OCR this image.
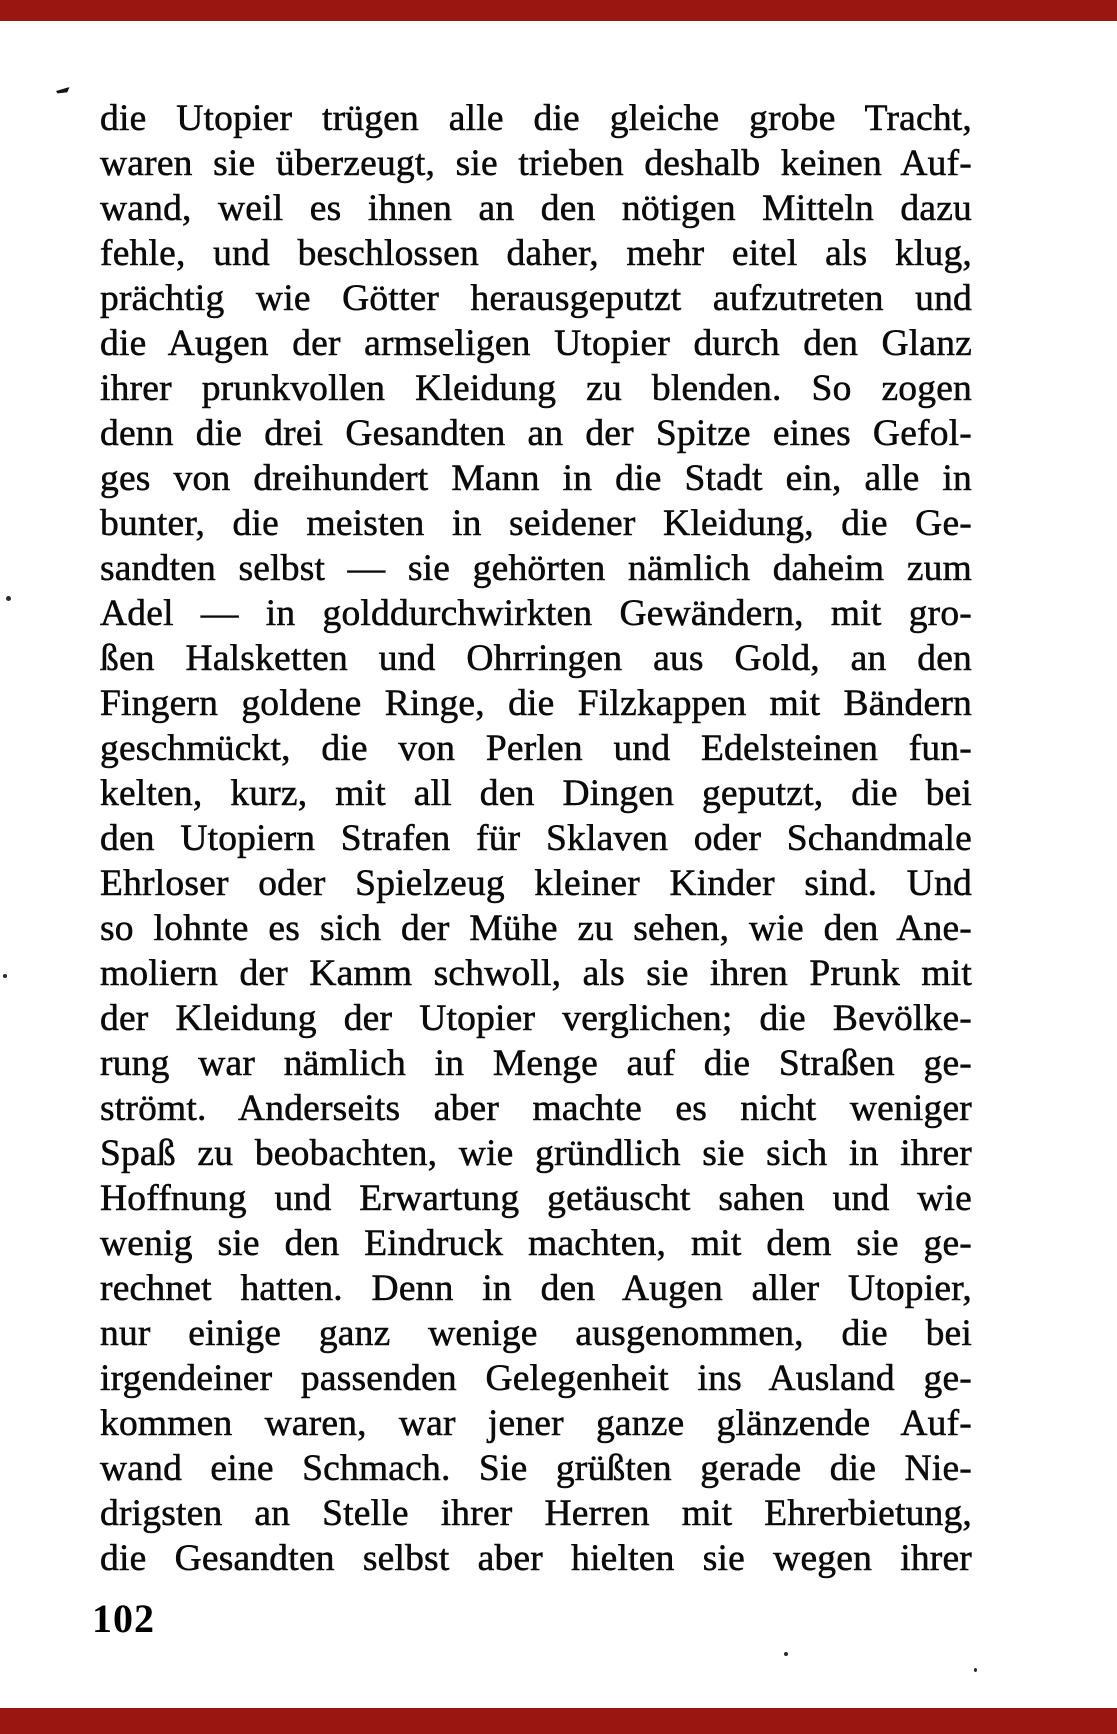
die Utopier trügen alle die gleiche grobe Tracht,
waren sie überzeugt, sie trieben deshalb keinen Auf-
wand, weil es ihnen an den nötigen Mitteln dazu
fehle, und beschlossen daher, mehr eitel als klug,
prächtig wie Götter herausgeputzt aufzutreten und
die Augen der armseligen Utopier durch den Glanz
ihrer prunkvollen Kleidung zu blenden. So zogen
denn die drei Gesandten an der Spitze eines Gefol-
ges von dreihundert Mann in die Stadt ein, alle in
bunter, die meisten in seidener Kleidung, die Ge-
sandten selbst — sie gehörten nämlich daheim zum
Adel — in golddurchwirkten Gewändern, mit gro-
ßen Halsketten und Ohrringen aus Gold, an den
Fingern goldene Ringe, die Filzkappen mit Bändern
geschmückt, die von Perlen und Edelsteinen fun-
kelten, kurz, mit all den Dingen geputzt, die bei
den Utopiern Strafen für Sklaven oder Schandmale
Ehrloser oder Spielzeug kleiner Kinder sind. Und
so lohnte es sich der Mühe zu sehen, wie den Ane-
moliern der Kamm schwoll, als sie ihren Prunk mit
der Kleidung der Utopier verglichen; die Bevölke-
rung war nämlich in Menge auf die Straßen ge-
strömt. Anderseits aber machte es nicht weniger
Spaß zu beobachten, wie gründlich sie sich in ihrer
Hoffnung und Erwartung getäuscht sahen und wie
wenig sie den Eindruck machten, mit dem sie ge-
rechnet hatten. Denn in den Augen aller Utopier,
nur einige ganz wenige ausgenommen, die bei
irgendeiner passenden Gelegenheit ins Ausland ge-
kommen waren, war jener ganze glänzende Auf-
wand eine Schmach. Sie grüßten gerade die Nie-
drigsten an Stelle ihrer Herren mit Ehrerbietung,
die Gesandten selbst aber hielten sie wegen ihrer
102
